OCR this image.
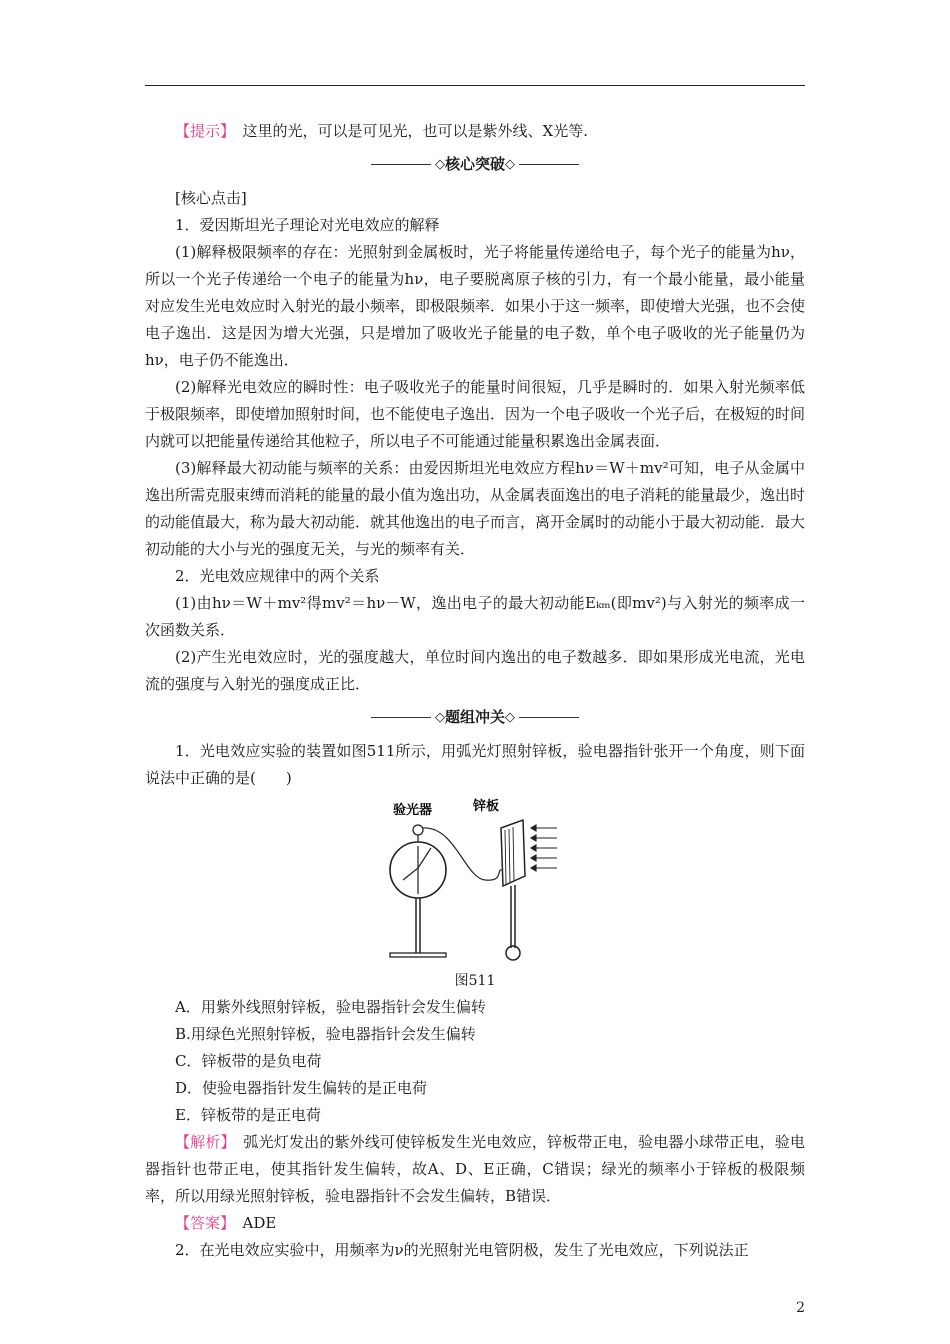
【提示】　这里的光，可以是可见光，也可以是紫外线、X光等.

◇ 核心突破 ◇

[核心点击]

1．爱因斯坦光子理论对光电效应的解释

(1)解释极限频率的存在：光照射到金属板时，光子将能量传递给电子，每个光子的能量为hν，所以一个光子传递给一个电子的能量为hν，电子要脱离原子核的引力，有一个最小能量，最小能量对应发生光电效应时入射光的最小频率，即极限频率．如果小于这一频率，即使增大光强，也不会使电子逸出．这是因为增大光强，只是增加了吸收光子能量的电子数，单个电子吸收的光子能量仍为hν，电子仍不能逸出．

(2)解释光电效应的瞬时性：电子吸收光子的能量时间很短，几乎是瞬时的．如果入射光频率低于极限频率，即使增加照射时间，也不能使电子逸出．因为一个电子吸收一个光子后，在极短的时间内就可以把能量传递给其他粒子，所以电子不可能通过能量积累逸出金属表面．

(3)解释最大初动能与频率的关系：由爱因斯坦光电效应方程hν＝W＋mv²可知，电子从金属中逸出所需克服束缚而消耗的能量的最小值为逸出功，从金属表面逸出的电子消耗的能量最少，逸出时的动能值最大，称为最大初动能．就其他逸出的电子而言，离开金属时的动能小于最大初动能．最大初动能的大小与光的强度无关，与光的频率有关．

2．光电效应规律中的两个关系

(1)由hν＝W＋mv²得mv²＝hν－W，逸出电子的最大初动能Eₖₘ(即mv²)与入射光的频率成一次函数关系．

(2)产生光电效应时，光的强度越大，单位时间内逸出的电子数越多．即如果形成光电流，光电流的强度与入射光的强度成正比．

◇ 题组冲关 ◇

1．光电效应实验的装置如图511所示，用弧光灯照射锌板，验电器指针张开一个角度，则下面说法中正确的是(　　)

验光器	锌板
图511

A．用紫外线照射锌板，验电器指针会发生偏转

B.用绿色光照射锌板，验电器指针会发生偏转

C．锌板带的是负电荷

D．使验电器指针发生偏转的是正电荷

E．锌板带的是正电荷

【解析】　弧光灯发出的紫外线可使锌板发生光电效应，锌板带正电，验电器小球带正电，验电器指针也带正电，使其指针发生偏转，故A、D、E正确，C错误；绿光的频率小于锌板的极限频率，所以用绿光照射锌板，验电器指针不会发生偏转，B错误．

【答案】　ADE

2．在光电效应实验中，用频率为ν的光照射光电管阴极，发生了光电效应，下列说法正

2
